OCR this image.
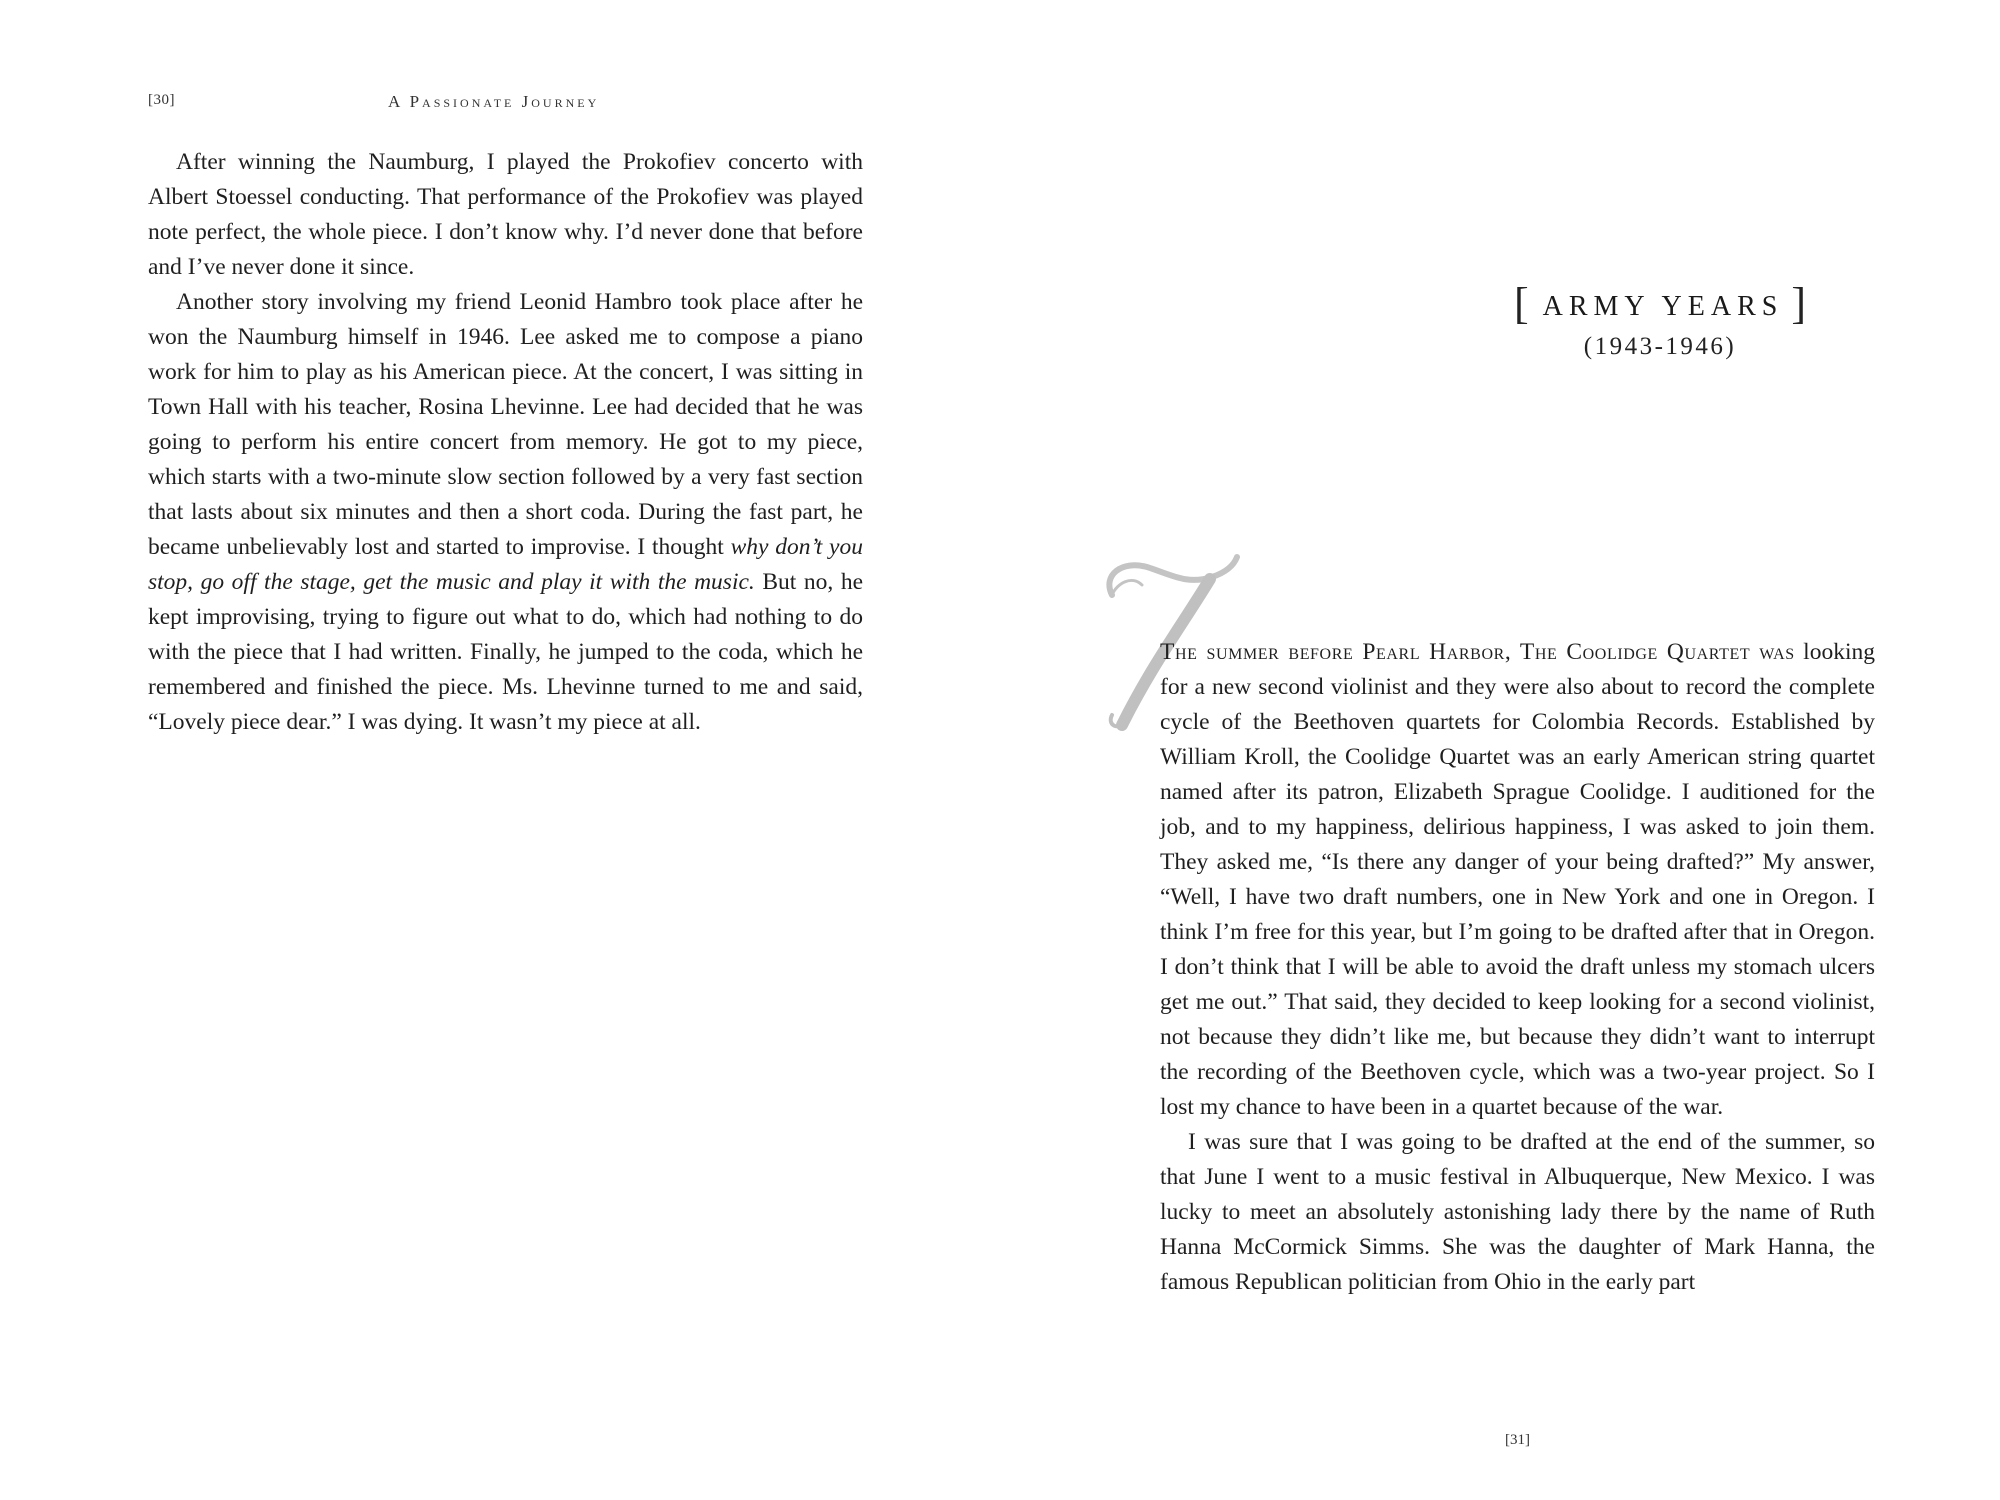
[30]	A Passionate Journey

After winning the Naumburg, I played the Prokofiev concerto with Albert Stoessel conducting. That performance of the Prokofiev was played note perfect, the whole piece. I don’t know why. I’d never done that before and I’ve never done it since.

Another story involving my friend Leonid Hambro took place after he won the Naumburg himself in 1946. Lee asked me to compose a piano work for him to play as his American piece. At the concert, I was sitting in Town Hall with his teacher, Rosina Lhevinne. Lee had decided that he was going to perform his entire concert from memory. He got to my piece, which starts with a two-minute slow section followed by a very fast section that lasts about six minutes and then a short coda. During the fast part, he became unbelievably lost and started to improvise. I thought why don’t you stop, go off the stage, get the music and play it with the music. But no, he kept improvising, trying to figure out what to do, which had nothing to do with the piece that I had written. Finally, he jumped to the coda, which he remembered and finished the piece. Ms. Lhevinne turned to me and said, “Lovely piece dear.” I was dying. It wasn’t my piece at all.

[ ARMY YEARS ]
(1943-1946)

The summer before Pearl Harbor, The Coolidge Quartet was looking for a new second violinist and they were also about to record the complete cycle of the Beethoven quartets for Colombia Records. Established by William Kroll, the Coolidge Quartet was an early American string quartet named after its patron, Elizabeth Sprague Coolidge. I auditioned for the job, and to my happiness, delirious happiness, I was asked to join them. They asked me, “Is there any danger of your being drafted?” My answer, “Well, I have two draft numbers, one in New York and one in Oregon. I think I’m free for this year, but I’m going to be drafted after that in Oregon. I don’t think that I will be able to avoid the draft unless my stomach ulcers get me out.” That said, they decided to keep looking for a second violinist, not because they didn’t like me, but because they didn’t want to interrupt the recording of the Beethoven cycle, which was a two-year project. So I lost my chance to have been in a quartet because of the war.

I was sure that I was going to be drafted at the end of the summer, so that June I went to a music festival in Albuquerque, New Mexico. I was lucky to meet an absolutely astonishing lady there by the name of Ruth Hanna McCormick Simms. She was the daughter of Mark Hanna, the famous Republican politician from Ohio in the early part

[31]
